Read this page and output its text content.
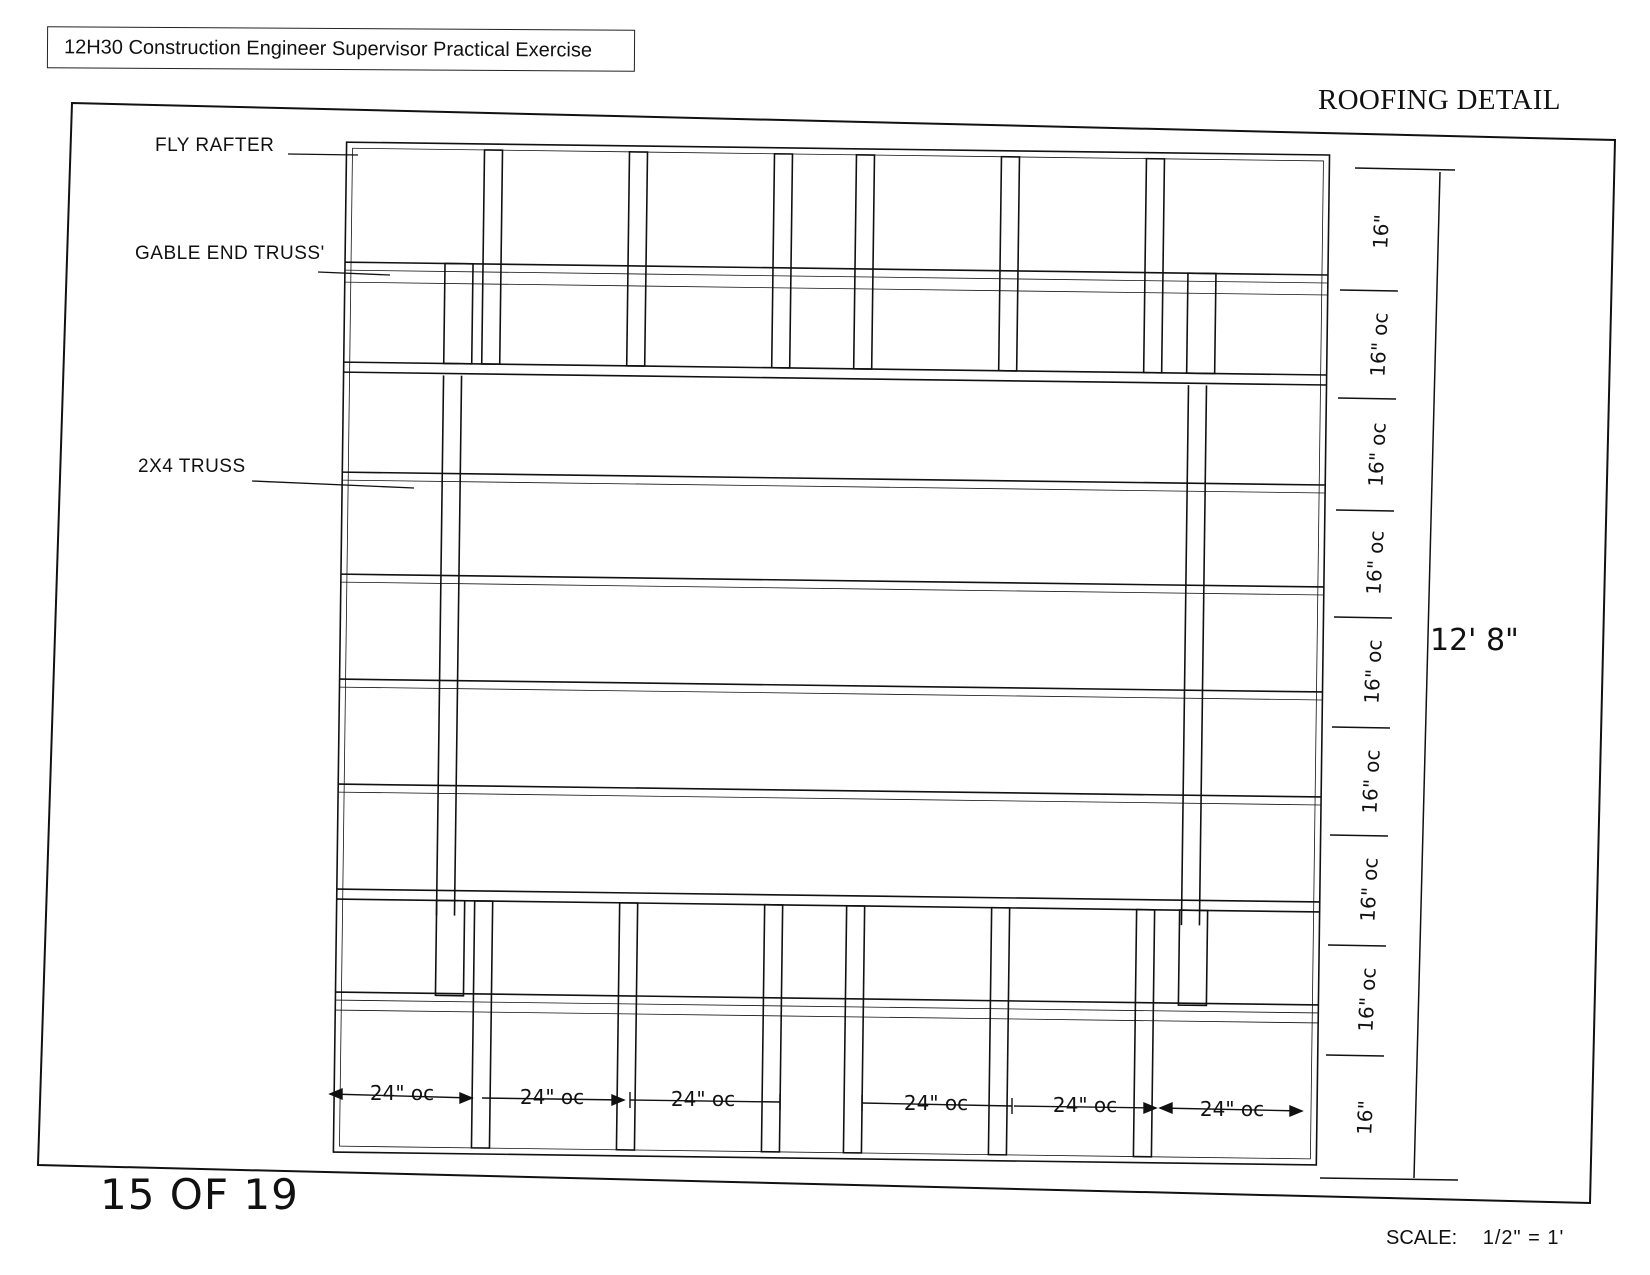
12H30 Construction Engineer Supervisor Practical Exercise
ROOFING DETAIL
FLY RAFTER
GABLE END TRUSS'
2X4 TRUSS
16"
16" oc
16" oc
16" oc
16" oc
16" oc
16" oc
16" oc
16"
12' 8"
24" oc	24" oc	24" oc	24" oc	24" oc	24" oc
15 OF 19
SCALE: 1/2" = 1'
